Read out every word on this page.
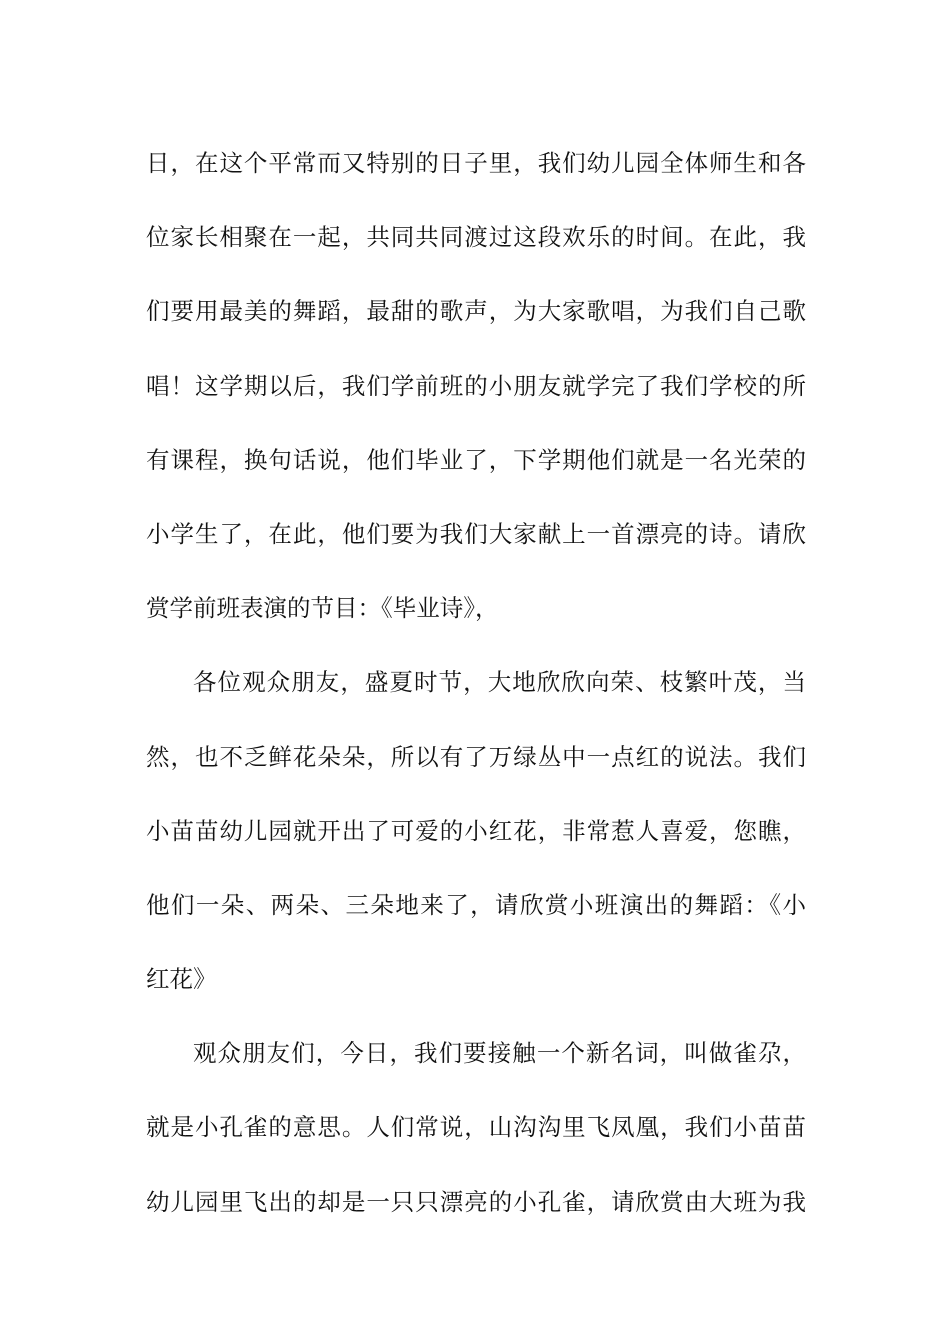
日，在这个平常而又特别的日子里，我们幼儿园全体师生和各
位家长相聚在一起，共同共同渡过这段欢乐的时间。在此，我
们要用最美的舞蹈，最甜的歌声，为大家歌唱，为我们自己歌
唱！这学期以后，我们学前班的小朋友就学完了我们学校的所
有课程，换句话说，他们毕业了，下学期他们就是一名光荣的
小学生了，在此，他们要为我们大家献上一首漂亮的诗。请欣
赏学前班表演的节目：《毕业诗》，
各位观众朋友，盛夏时节，大地欣欣向荣、枝繁叶茂，当
然，也不乏鲜花朵朵，所以有了万绿丛中一点红的说法。我们
小苗苗幼儿园就开出了可爱的小红花，非常惹人喜爱，您瞧，
他们一朵、两朵、三朵地来了，请欣赏小班演出的舞蹈：《小
红花》
观众朋友们，今日，我们要接触一个新名词，叫做雀尕，
就是小孔雀的意思。人们常说，山沟沟里飞凤凰，我们小苗苗
幼儿园里飞出的却是一只只漂亮的小孔雀，请欣赏由大班为我
